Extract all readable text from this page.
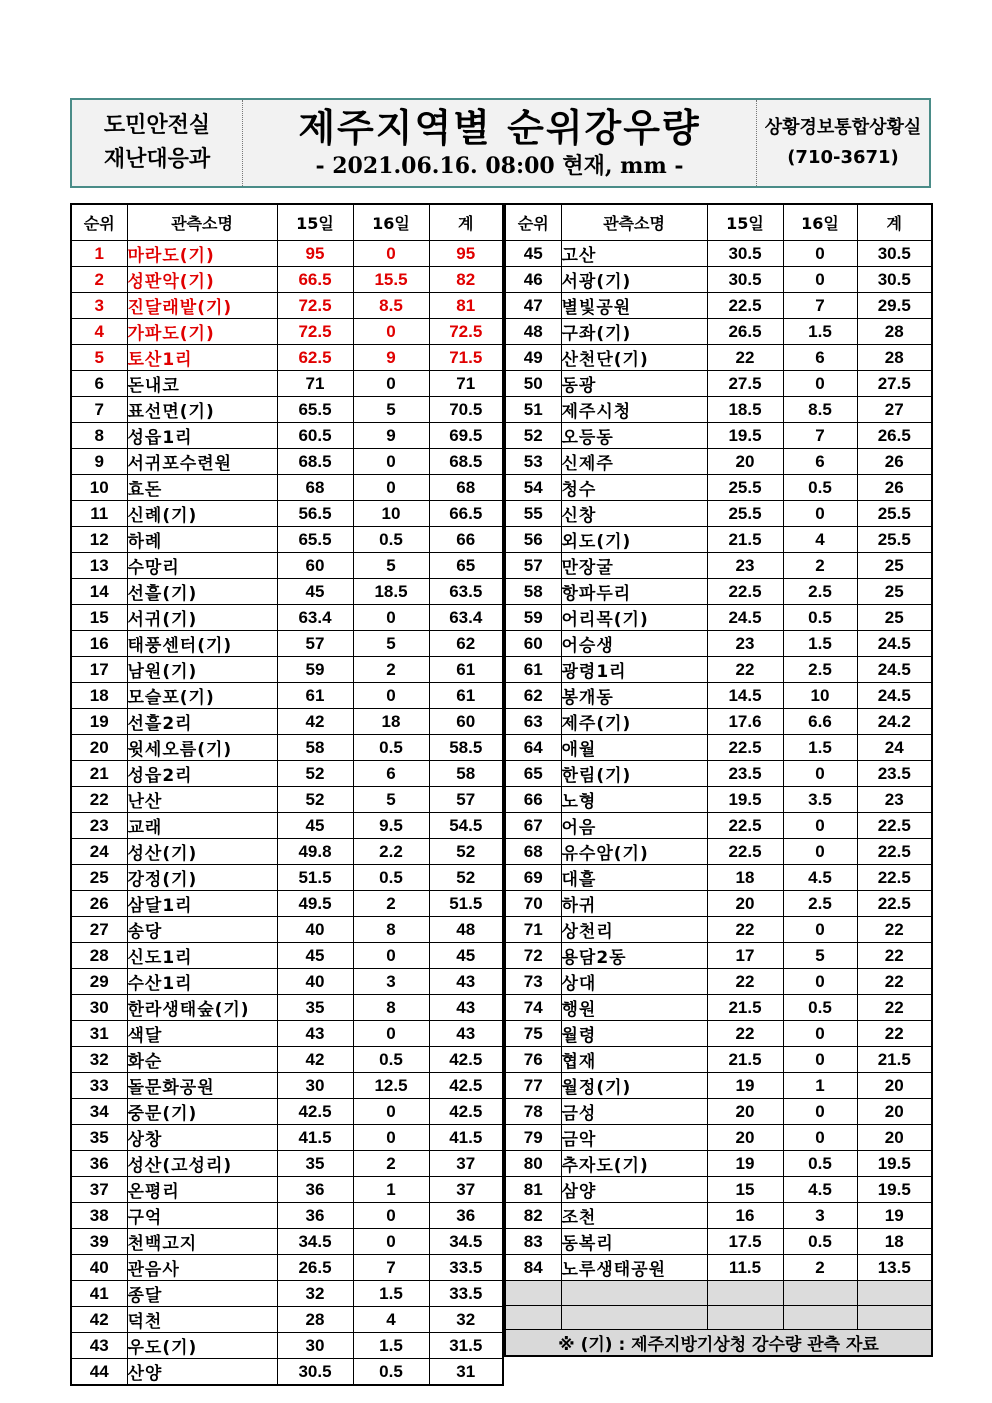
도민안전실
재난대응과
제주지역별 순위강우량
- 2021.06.16. 08:00 현재, mm -
상황경보통합상황실
(710-3671)
순위	관측소명	15일	16일	계
1	마라도(기)	95	0	95
2	성판악(기)	66.5	15.5	82
3	진달래밭(기)	72.5	8.5	81
4	가파도(기)	72.5	0	72.5
5	토산1리	62.5	9	71.5
6	돈내코	71	0	71
7	표선면(기)	65.5	5	70.5
8	성읍1리	60.5	9	69.5
9	서귀포수련원	68.5	0	68.5
10	효돈	68	0	68
11	신례(기)	56.5	10	66.5
12	하례	65.5	0.5	66
13	수망리	60	5	65
14	선흘(기)	45	18.5	63.5
15	서귀(기)	63.4	0	63.4
16	태풍센터(기)	57	5	62
17	남원(기)	59	2	61
18	모슬포(기)	61	0	61
19	선흘2리	42	18	60
20	윗세오름(기)	58	0.5	58.5
21	성읍2리	52	6	58
22	난산	52	5	57
23	교래	45	9.5	54.5
24	성산(기)	49.8	2.2	52
25	강정(기)	51.5	0.5	52
26	삼달1리	49.5	2	51.5
27	송당	40	8	48
28	신도1리	45	0	45
29	수산1리	40	3	43
30	한라생태숲(기)	35	8	43
31	색달	43	0	43
32	화순	42	0.5	42.5
33	돌문화공원	30	12.5	42.5
34	중문(기)	42.5	0	42.5
35	상창	41.5	0	41.5
36	성산(고성리)	35	2	37
37	온평리	36	1	37
38	구억	36	0	36
39	천백고지	34.5	0	34.5
40	관음사	26.5	7	33.5
41	종달	32	1.5	33.5
42	덕천	28	4	32
43	우도(기)	30	1.5	31.5
44	산양	30.5	0.5	31
순위	관측소명	15일	16일	계
45	고산	30.5	0	30.5
46	서광(기)	30.5	0	30.5
47	별빛공원	22.5	7	29.5
48	구좌(기)	26.5	1.5	28
49	산천단(기)	22	6	28
50	동광	27.5	0	27.5
51	제주시청	18.5	8.5	27
52	오등동	19.5	7	26.5
53	신제주	20	6	26
54	청수	25.5	0.5	26
55	신창	25.5	0	25.5
56	외도(기)	21.5	4	25.5
57	만장굴	23	2	25
58	항파두리	22.5	2.5	25
59	어리목(기)	24.5	0.5	25
60	어승생	23	1.5	24.5
61	광령1리	22	2.5	24.5
62	봉개동	14.5	10	24.5
63	제주(기)	17.6	6.6	24.2
64	애월	22.5	1.5	24
65	한림(기)	23.5	0	23.5
66	노형	19.5	3.5	23
67	어음	22.5	0	22.5
68	유수암(기)	22.5	0	22.5
69	대흘	18	4.5	22.5
70	하귀	20	2.5	22.5
71	상천리	22	0	22
72	용담2동	17	5	22
73	상대	22	0	22
74	행원	21.5	0.5	22
75	월령	22	0	22
76	협재	21.5	0	21.5
77	월정(기)	19	1	20
78	금성	20	0	20
79	금악	20	0	20
80	추자도(기)	19	0.5	19.5
81	삼양	15	4.5	19.5
82	조천	16	3	19
83	동복리	17.5	0.5	18
84	노루생태공원	11.5	2	13.5

※ (기) : 제주지방기상청 강수량 관측 자료				
